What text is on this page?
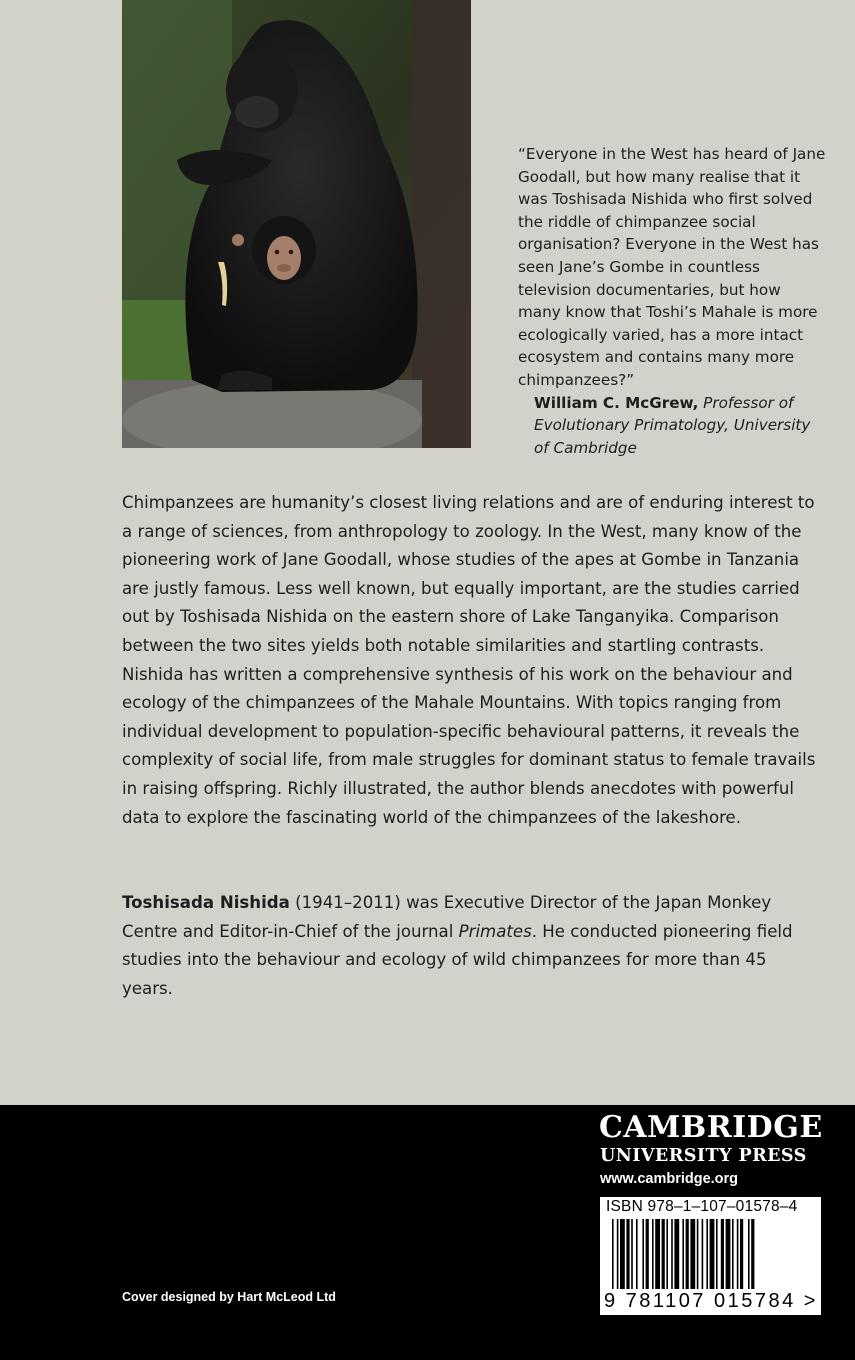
“Everyone in the West has heard of Jane Goodall, but how many realise that it was Toshisada Nishida who first solved the riddle of chimpanzee social organisation? Everyone in the West has seen Jane’s Gombe in countless television documentaries, but how many know that Toshi’s Mahale is more ecologically varied, has a more intact ecosystem and contains many more chimpanzees?”
William C. McGrew, Professor of Evolutionary Primatology, University of Cambridge
Chimpanzees are humanity’s closest living relations and are of enduring interest to a range of sciences, from anthropology to zoology. In the West, many know of the pioneering work of Jane Goodall, whose studies of the apes at Gombe in Tanzania are justly famous. Less well known, but equally important, are the studies carried out by Toshisada Nishida on the eastern shore of Lake Tanganyika. Comparison between the two sites yields both notable similarities and startling contrasts. Nishida has written a comprehensive synthesis of his work on the behaviour and ecology of the chimpanzees of the Mahale Mountains. With topics ranging from individual development to population-specific behavioural patterns, it reveals the complexity of social life, from male struggles for dominant status to female travails in raising offspring. Richly illustrated, the author blends anecdotes with powerful data to explore the fascinating world of the chimpanzees of the lakeshore.
Toshisada Nishida (1941–2011) was Executive Director of the Japan Monkey Centre and Editor-in-Chief of the journal Primates. He conducted pioneering field studies into the behaviour and ecology of wild chimpanzees for more than 45 years.
CAMBRIDGE
UNIVERSITY PRESS
www.cambridge.org
ISBN 978–1–107–01578–4
9 781107 015784 >
Cover designed by Hart McLeod Ltd
